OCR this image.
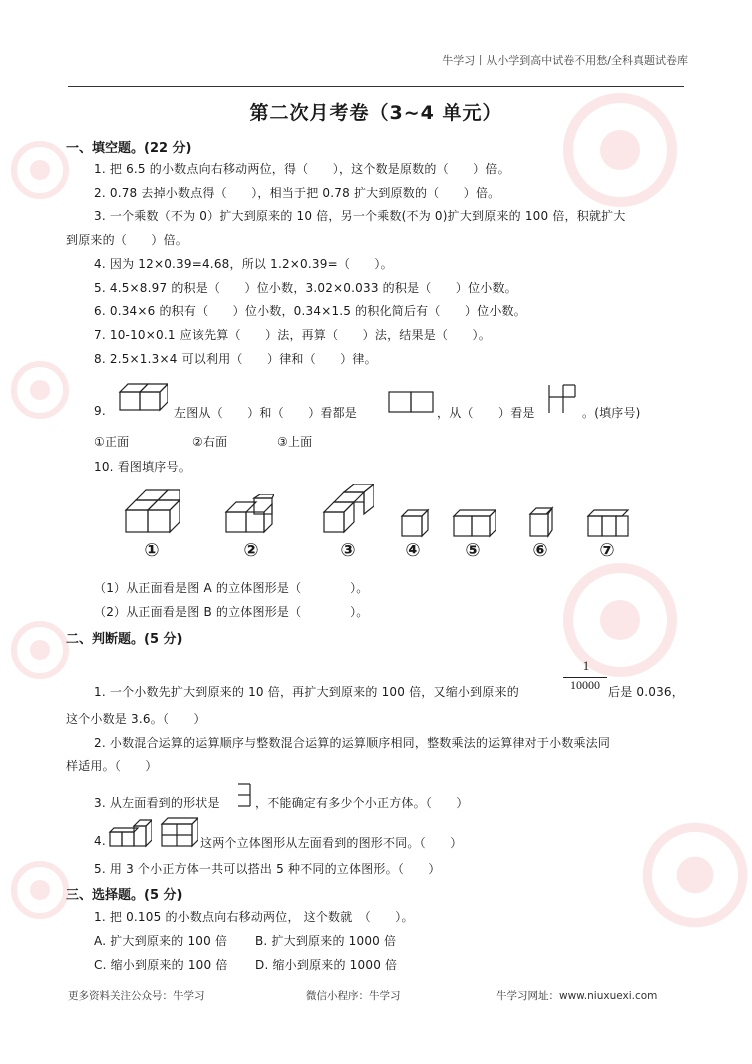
牛学习丨从小学到高中试卷不用愁/全科真题试卷库
第二次月考卷（3~4 单元）
一、填空题。(22 分)
1. 把 6.5 的小数点向右移动两位，得（　　），这个数是原数的（　　）倍。
2. 0.78 去掉小数点得（　　），相当于把 0.78 扩大到原数的（　　）倍。
3. 一个乘数（不为 0）扩大到原来的 10 倍，另一个乘数(不为 0)扩大到原来的 100 倍，积就扩大
到原来的（　　）倍。
4. 因为 12×0.39=4.68，所以 1.2×0.39=（　　）。
5. 4.5×8.97 的积是（　　）位小数，3.02×0.033 的积是（　　）位小数。
6. 0.34×6 的积有（　　）位小数，0.34×1.5 的积化简后有（　　）位小数。
7. 10-10×0.1 应该先算（　　）法，再算（　　）法，结果是（　　）。
8. 2.5×1.3×4 可以利用（　　）律和（　　）律。
9.	左图从（　　）和（　　）看都是	，从（　　）看是	。(填序号)
①正面	②右面	③上面
10. 看图填序号。
①	②	③	④	⑤	⑥	⑦
（1）从正面看是图 A 的立体图形是（　　　　）。
（2）从正面看是图 B 的立体图形是（　　　　）。
二、判断题。(5 分)
1
10000
1. 一个小数先扩大到原来的 10 倍，再扩大到原来的 100 倍，又缩小到原来的	后是 0.036，
这个小数是 3.6。（　　）
2. 小数混合运算的运算顺序与整数混合运算的运算顺序相同，整数乘法的运算律对于小数乘法同
样适用。（　　）
3. 从左面看到的形状是	，不能确定有多少个小正方体。（　　）
4.	这两个立体图形从左面看到的图形不同。（　　）
5. 用 3 个小正方体一共可以搭出 5 种不同的立体图形。（　　）
三、选择题。(5 分)
1. 把 0.105 的小数点向右移动两位， 这个数就　（　　）。
A. 扩大到原来的 100 倍 B. 扩大到原来的 1000 倍
C. 缩小到原来的 100 倍 D. 缩小到原来的 1000 倍
更多资料关注公众号：牛学习	微信小程序：牛学习	牛学习网址：www.niuxuexi.com
